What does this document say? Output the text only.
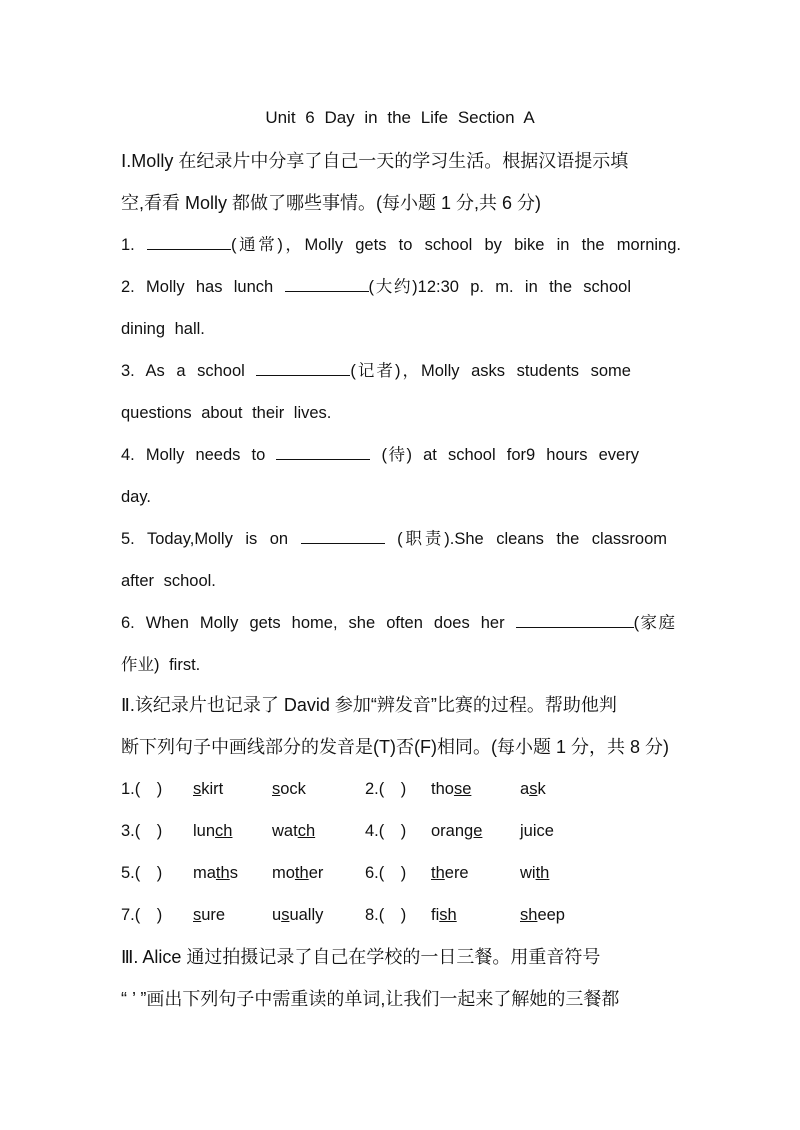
Unit 6 Day in the Life Section A
Ⅰ.Molly 在纪录片中分享了自己一天的学习生活。根据汉语提示填
空,看看 Molly 都做了哪些事情。(每小题 1 分,共 6 分)
1.	(通常)，Molly gets to school by bike in the morning.
2. Molly has lunch	(大约)12:30 p. m. in the school
dining hall.
3. As a school	(记者)，Molly asks students some
questions about their lives.
4. Molly needs to	(待) at school for9 hours every
day.
5. Today,Molly is on	(职责).She cleans the classroom
after school.
6. When Molly gets home, she often does her	(家庭
作业) first.
Ⅱ.该纪录片也记录了 David 参加“辨发音”比赛的过程。帮助他判
断下列句子中画线部分的发音是(T)否(F)相同。(每小题 1 分，共 8 分)
1.(　) skirt	sock	2.(　) those	ask
3.(　) lunch watch	4.(　) orange juice
5.(　) maths mother	6.(　) there	with
7.(　) sure	usually	8.(　) fish	sheep
Ⅲ. Alice 通过拍摄记录了自己在学校的一日三餐。用重音符号
“ ’ ”画出下列句子中需重读的单词,让我们一起来了解她的三餐都
